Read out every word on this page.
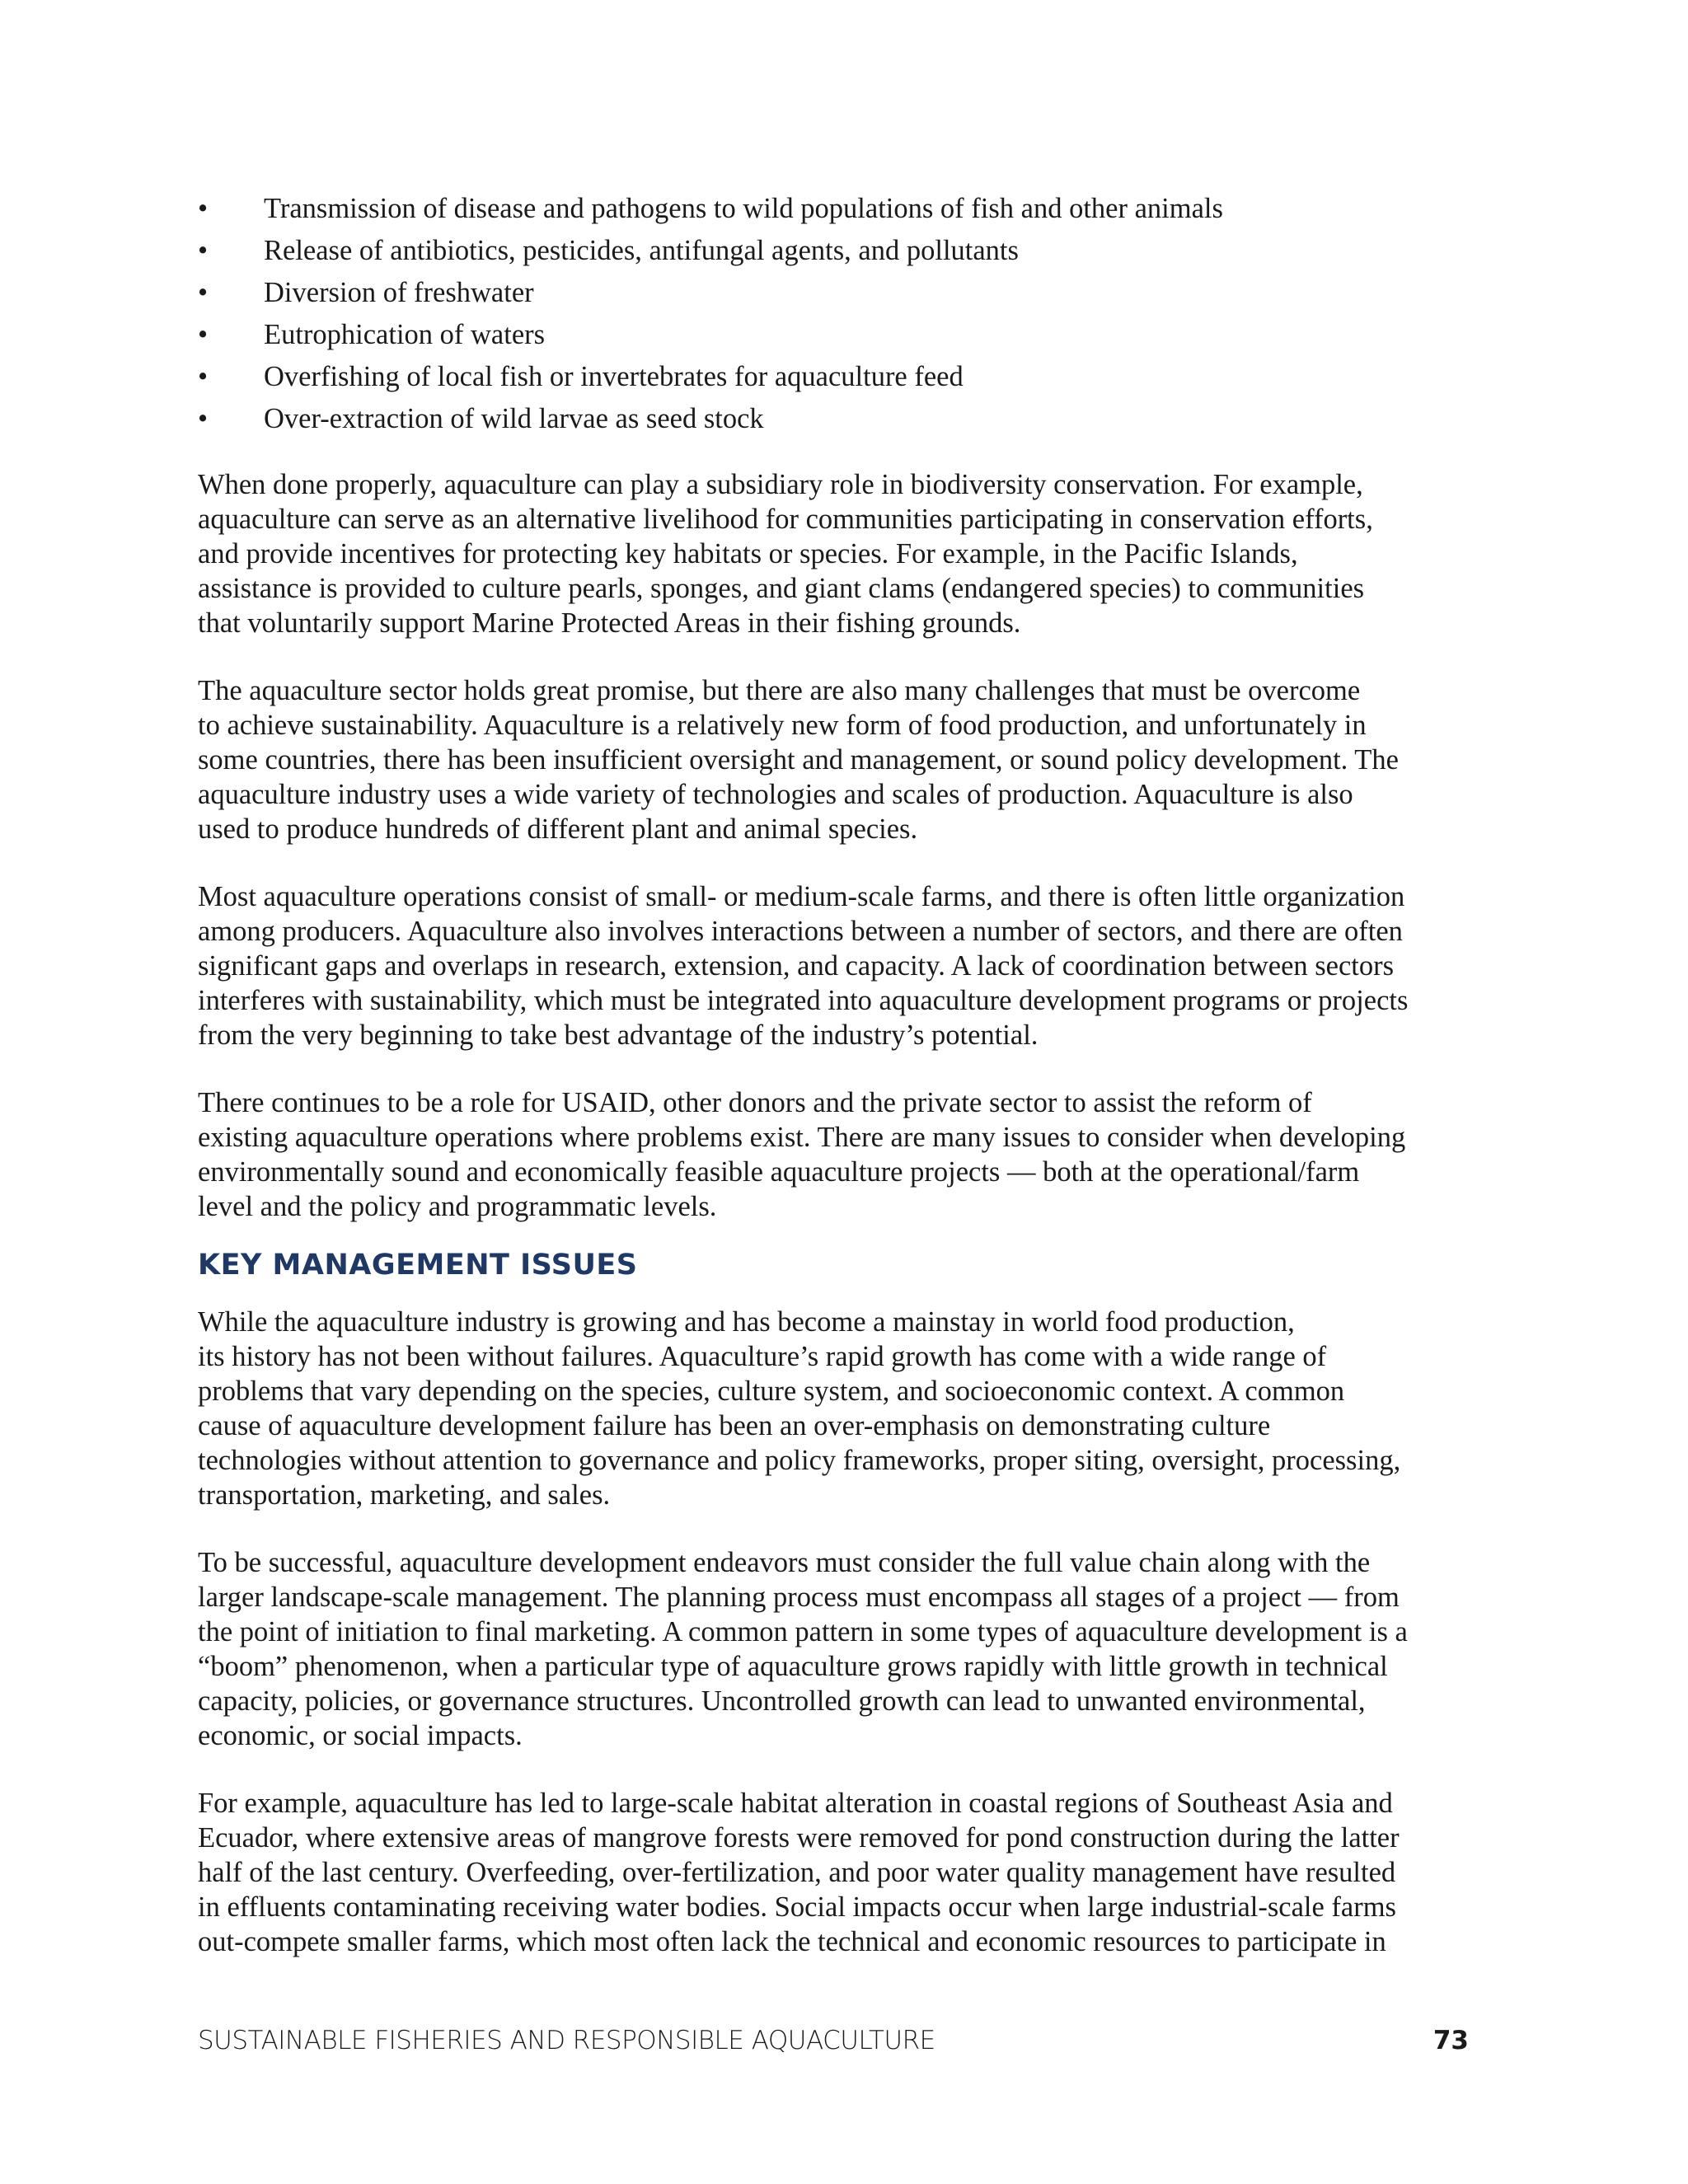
• Transmission of disease and pathogens to wild populations of fish and other animals
• Release of antibiotics, pesticides, antifungal agents, and pollutants
• Diversion of freshwater
• Eutrophication of waters
• Overfishing of local fish or invertebrates for aquaculture feed
• Over-extraction of wild larvae as seed stock

When done properly, aquaculture can play a subsidiary role in biodiversity conservation. For example,
aquaculture can serve as an alternative livelihood for communities participating in conservation efforts,
and provide incentives for protecting key habitats or species. For example, in the Pacific Islands,
assistance is provided to culture pearls, sponges, and giant clams (endangered species) to communities
that voluntarily support Marine Protected Areas in their fishing grounds.

The aquaculture sector holds great promise, but there are also many challenges that must be overcome
to achieve sustainability. Aquaculture is a relatively new form of food production, and unfortunately in
some countries, there has been insufficient oversight and management, or sound policy development. The
aquaculture industry uses a wide variety of technologies and scales of production. Aquaculture is also
used to produce hundreds of different plant and animal species.

Most aquaculture operations consist of small- or medium-scale farms, and there is often little organization
among producers. Aquaculture also involves interactions between a number of sectors, and there are often
significant gaps and overlaps in research, extension, and capacity. A lack of coordination between sectors
interferes with sustainability, which must be integrated into aquaculture development programs or projects
from the very beginning to take best advantage of the industry’s potential.

There continues to be a role for USAID, other donors and the private sector to assist the reform of
existing aquaculture operations where problems exist. There are many issues to consider when developing
environmentally sound and economically feasible aquaculture projects — both at the operational/farm
level and the policy and programmatic levels.

KEY MANAGEMENT ISSUES

While the aquaculture industry is growing and has become a mainstay in world food production,
its history has not been without failures. Aquaculture’s rapid growth has come with a wide range of
problems that vary depending on the species, culture system, and socioeconomic context. A common
cause of aquaculture development failure has been an over-emphasis on demonstrating culture
technologies without attention to governance and policy frameworks, proper siting, oversight, processing,
transportation, marketing, and sales.

To be successful, aquaculture development endeavors must consider the full value chain along with the
larger landscape-scale management. The planning process must encompass all stages of a project — from
the point of initiation to final marketing. A common pattern in some types of aquaculture development is a
“boom” phenomenon, when a particular type of aquaculture grows rapidly with little growth in technical
capacity, policies, or governance structures. Uncontrolled growth can lead to unwanted environmental,
economic, or social impacts.

For example, aquaculture has led to large-scale habitat alteration in coastal regions of Southeast Asia and
Ecuador, where extensive areas of mangrove forests were removed for pond construction during the latter
half of the last century. Overfeeding, over-fertilization, and poor water quality management have resulted
in effluents contaminating receiving water bodies. Social impacts occur when large industrial-scale farms
out-compete smaller farms, which most often lack the technical and economic resources to participate in

SUSTAINABLE FISHERIES AND RESPONSIBLE AQUACULTURE	73
